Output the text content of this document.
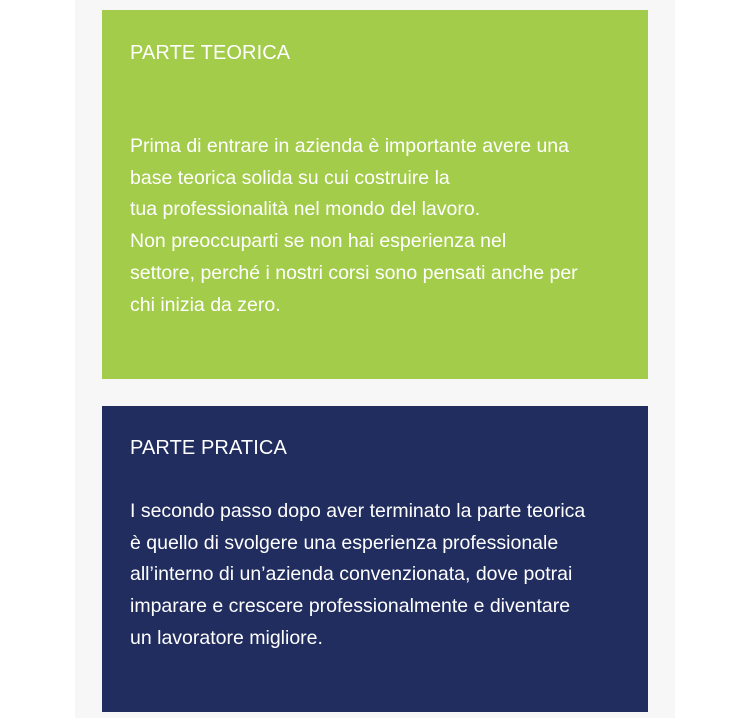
PARTE TEORICA

Prima di entrare in azienda è importante avere una
base teorica solida su cui costruire la
tua professionalità nel mondo del lavoro.
Non preoccuparti se non hai esperienza nel
settore, perché i nostri corsi sono pensati anche per
chi inizia da zero.

PARTE PRATICA

I secondo passo dopo aver terminato la parte teorica
è quello di svolgere una esperienza professionale
all’interno di un’azienda convenzionata, dove potrai
imparare e crescere professionalmente e diventare
un lavoratore migliore.
